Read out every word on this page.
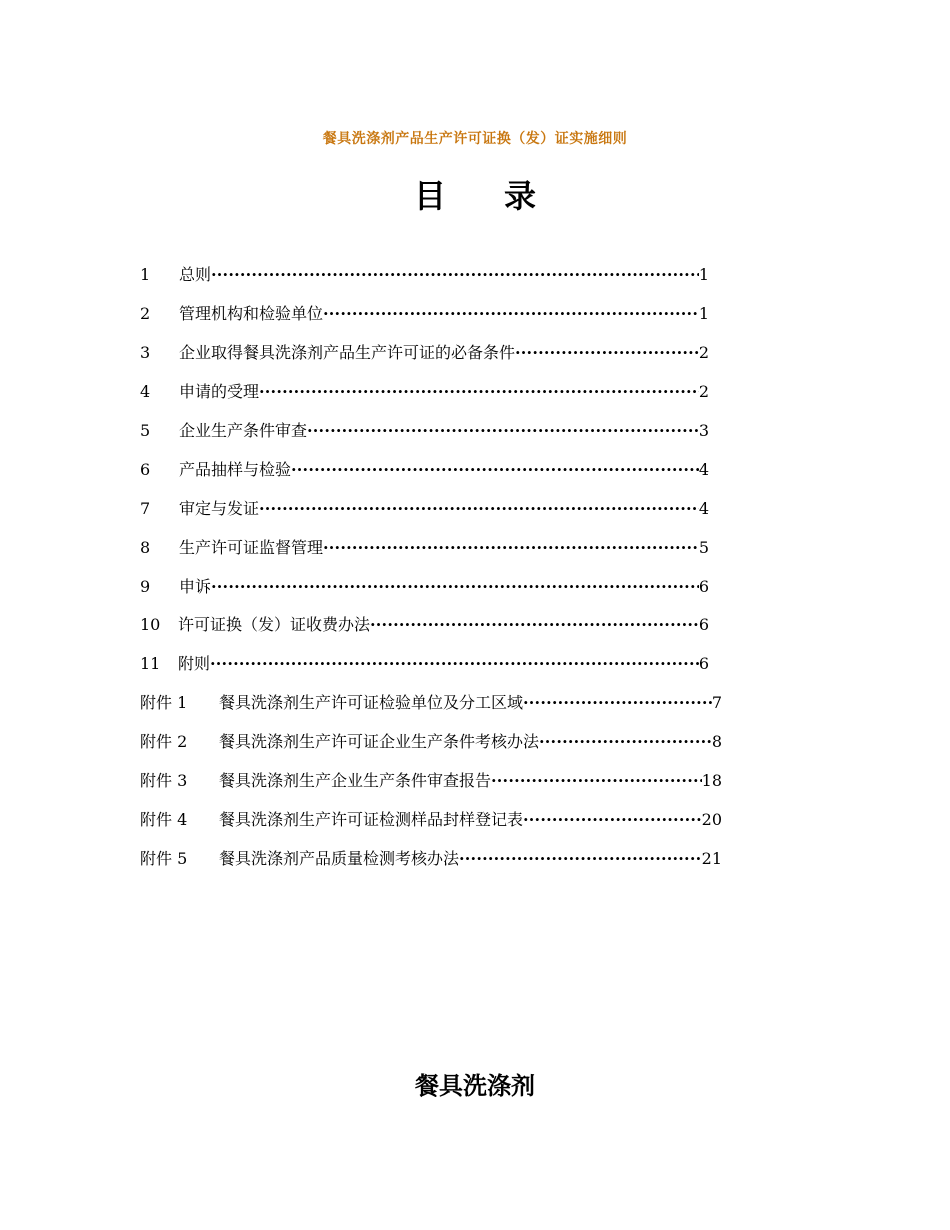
餐具洗涤剂产品生产许可证换（发）证实施细则
目 录
1	总则 ·····	1
2	管理机构和检验单位 ·····	1
3	企业取得餐具洗涤剂产品生产许可证的必备条件 ·····	2
4	申请的受理 ·····	2
5	企业生产条件审查 ·····	3
6	产品抽样与检验 ·····	4
7	审定与发证 ·····	4
8	生产许可证监督管理 ·····	5
9	申诉 ·····	6
10	许可证换（发）证收费办法 ·····	6
11	附则 ·····	6
附件 1	餐具洗涤剂生产许可证检验单位及分工区域 ·····	7
附件 2	餐具洗涤剂生产许可证企业生产条件考核办法 ·····	8
附件 3	餐具洗涤剂生产企业生产条件审查报告 ·····	18
附件 4	餐具洗涤剂生产许可证检测样品封样登记表 ·····	20
附件 5	餐具洗涤剂产品质量检测考核办法 ·····	21
餐具洗涤剂
